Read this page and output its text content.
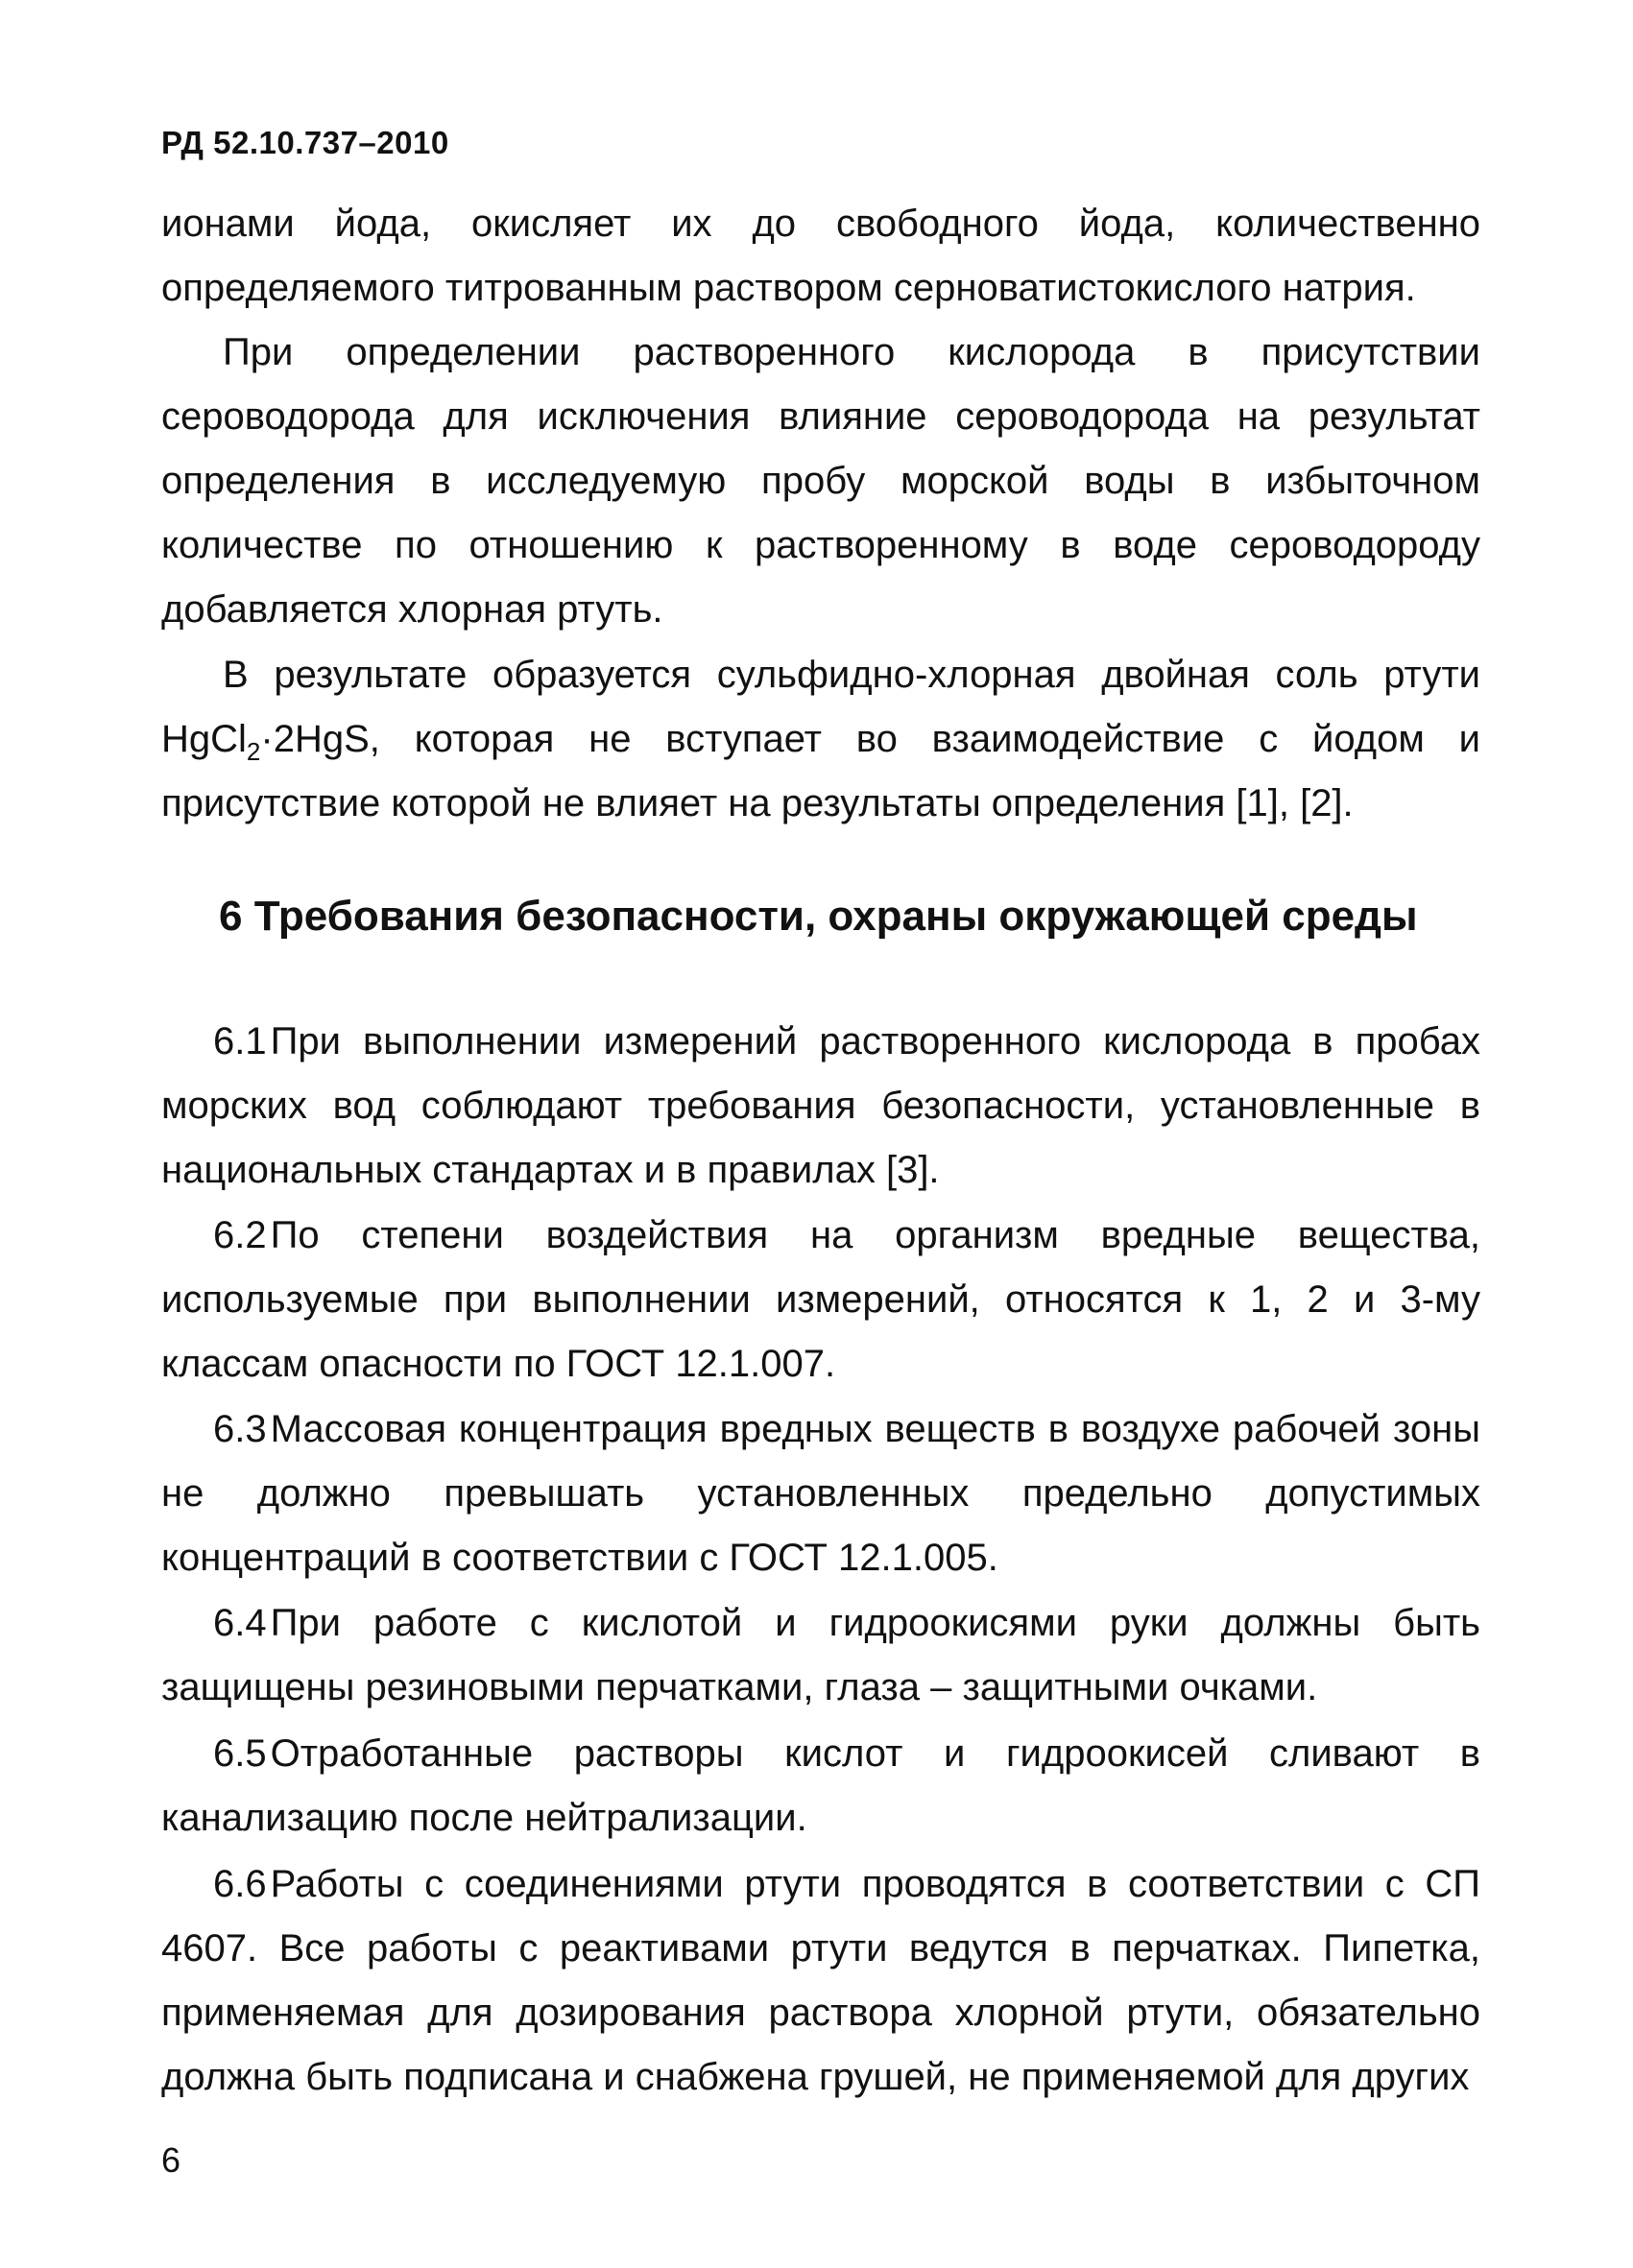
РД 52.10.737–2010

ионами йода, окисляет их до свободного йода, количественно определяемого титрованным раствором серноватистокислого натрия.

При определении растворенного кислорода в присутствии сероводорода для исключения влияние сероводорода на результат определения в исследуемую пробу морской воды в избыточном количестве по отношению к растворенному в воде сероводороду добавляется хлорная ртуть.

В результате образуется сульфидно-хлорная двойная соль ртути HgCl$_2$·2HgS, которая не вступает во взаимодействие с йодом и присутствие которой не влияет на результаты определения [1], [2].

6 Требования безопасности, охраны окружающей среды

6.1 При выполнении измерений растворенного кислорода в пробах морских вод соблюдают требования безопасности, установленные в национальных стандартах и в правилах [3].

6.2 По степени воздействия на организм вредные вещества, используемые при выполнении измерений, относятся к 1, 2 и 3-му классам опасности по ГОСТ 12.1.007.

6.3 Массовая концентрация вредных веществ в воздухе рабочей зоны не должно превышать установленных предельно допустимых концентраций в соответствии с ГОСТ 12.1.005.

6.4 При работе с кислотой и гидроокисями руки должны быть защищены резиновыми перчатками, глаза – защитными очками.

6.5 Отработанные растворы кислот и гидроокисей сливают в канализацию после нейтрализации.

6.6 Работы с соединениями ртути проводятся в соответствии с СП 4607. Все работы с реактивами ртути ведутся в перчатках. Пипетка, применяемая для дозирования раствора хлорной ртути, обязательно должна быть подписана и снабжена грушей, не применяемой для других

6
